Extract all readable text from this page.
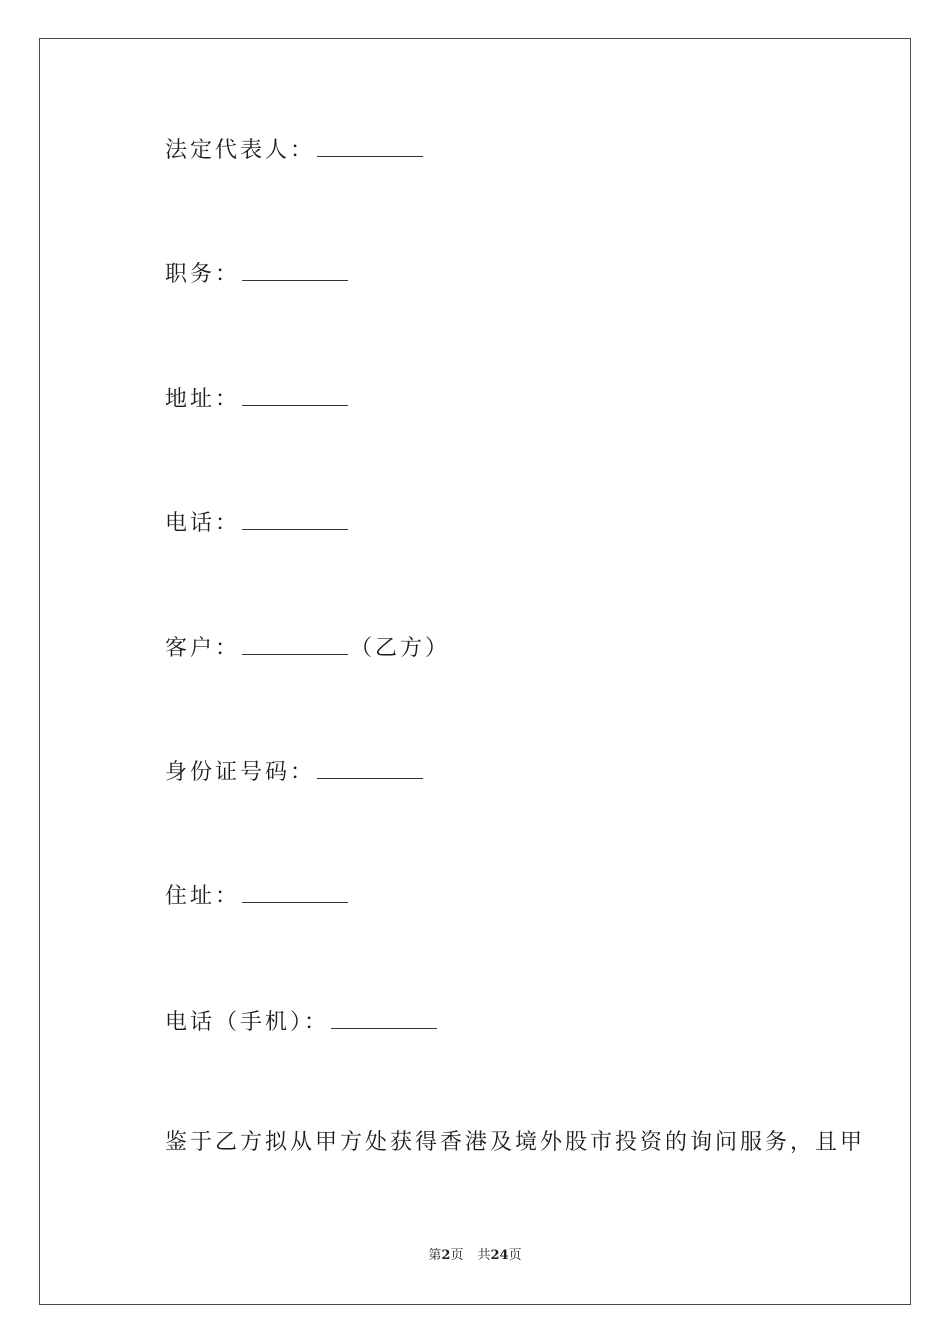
法定代表人：

职务：

地址：

电话：

客户：	（乙方）

身份证号码：

住址：

电话（手机）：

鉴于乙方拟从甲方处获得香港及境外股市投资的询问服务，且甲

第2页 共24页
